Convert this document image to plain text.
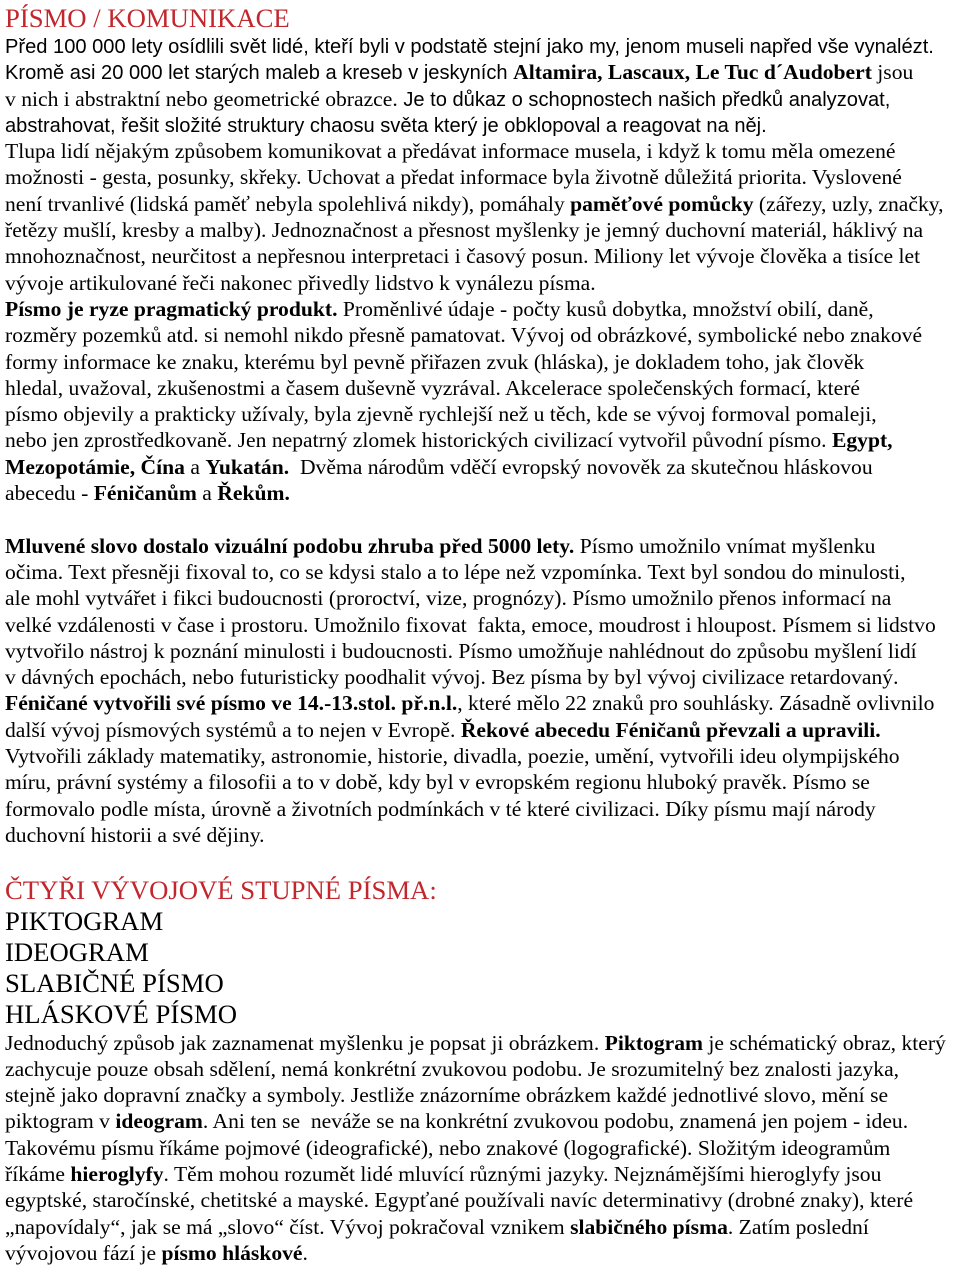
PÍSMO / KOMUNIKACE
Před 100 000 lety osídlili svět lidé, kteří byli v podstatě stejní jako my, jenom museli napřed vše vynalézt.
Kromě asi 20 000 let starých maleb a kreseb v jeskyních Altamira, Lascaux, Le Tuc d´Audobert jsou
v nich i abstraktní nebo geometrické obrazce. Je to důkaz o schopnostech našich předků analyzovat,
abstrahovat, řešit složité struktury chaosu světa který je obklopoval a reagovat na něj.
Tlupa lidí nějakým způsobem komunikovat a předávat informace musela, i když k tomu měla omezené
možnosti - gesta, posunky, skřeky. Uchovat a předat informace byla životně důležitá priorita. Vyslovené
není trvanlivé (lidská paměť nebyla spolehlivá nikdy), pomáhaly paměťové pomůcky (zářezy, uzly, značky,
řetězy mušlí, kresby a malby). Jednoznačnost a přesnost myšlenky je jemný duchovní materiál, háklivý na
mnohoznačnost, neurčitost a nepřesnou interpretaci i časový posun. Miliony let vývoje člověka a tisíce let
vývoje artikulované řeči nakonec přivedly lidstvo k vynálezu písma.
Písmo je ryze pragmatický produkt. Proměnlivé údaje - počty kusů dobytka, množství obilí, daně,
rozměry pozemků atd. si nemohl nikdo přesně pamatovat. Vývoj od obrázkové, symbolické nebo znakové
formy informace ke znaku, kterému byl pevně přiřazen zvuk (hláska), je dokladem toho, jak člověk
hledal, uvažoval, zkušenostmi a časem duševně vyzrával. Akcelerace společenských formací, které
písmo objevily a prakticky užívaly, byla zjevně rychlejší než u těch, kde se vývoj formoval pomaleji,
nebo jen zprostředkovaně. Jen nepatrný zlomek historických civilizací vytvořil původní písmo. Egypt,
Mezopotámie, Čína a Yukatán.  Dvěma národům vděčí evropský novověk za skutečnou hláskovou
abecedu - Féničanům a Řekům.
Mluvené slovo dostalo vizuální podobu zhruba před 5000 lety. Písmo umožnilo vnímat myšlenku
očima. Text přesněji fixoval to, co se kdysi stalo a to lépe než vzpomínka. Text byl sondou do minulosti,
ale mohl vytvářet i fikci budoucnosti (proroctví, vize, prognózy). Písmo umožnilo přenos informací na
velké vzdálenosti v čase i prostoru. Umožnilo fixovat  fakta, emoce, moudrost i hloupost. Písmem si lidstvo
vytvořilo nástroj k poznání minulosti i budoucnosti. Písmo umožňuje nahlédnout do způsobu myšlení lidí
v dávných epochách, nebo futuristicky poodhalit vývoj. Bez písma by byl vývoj civilizace retardovaný.
Féničané vytvořili své písmo ve 14.-13.stol. př.n.l., které mělo 22 znaků pro souhlásky. Zásadně ovlivnilo
další vývoj písmových systémů a to nejen v Evropě. Řekové abecedu Féničanů převzali a upravili.
Vytvořili základy matematiky, astronomie, historie, divadla, poezie, umění, vytvořili ideu olympijského
míru, právní systémy a filosofii a to v době, kdy byl v evropském regionu hluboký pravěk. Písmo se
formovalo podle místa, úrovně a životních podmínkách v té které civilizaci. Díky písmu mají národy
duchovní historii a své dějiny.
ČTYŘI VÝVOJOVÉ STUPNÉ PÍSMA:
PIKTOGRAM
IDEOGRAM
SLABIČNÉ PÍSMO
HLÁSKOVÉ PÍSMO
Jednoduchý způsob jak zaznamenat myšlenku je popsat ji obrázkem. Piktogram je schématický obraz, který
zachycuje pouze obsah sdělení, nemá konkrétní zvukovou podobu. Je srozumitelný bez znalosti jazyka,
stejně jako dopravní značky a symboly. Jestliže znázorníme obrázkem každé jednotlivé slovo, mění se
piktogram v ideogram. Ani ten se  neváže se na konkrétní zvukovou podobu, znamená jen pojem - ideu.
Takovému písmu říkáme pojmové (ideografické), nebo znakové (logografické). Složitým ideogramům
říkáme hieroglyfy. Těm mohou rozumět lidé mluvící různými jazyky. Nejznámějšími hieroglyfy jsou
egyptské, staročínské, chetitské a mayské. Egypťané používali navíc determinativy (drobné znaky), které
„napovídaly“, jak se má „slovo“ číst. Vývoj pokračoval vznikem slabičného písma. Zatím poslední
vývojovou fází je písmo hláskové.
